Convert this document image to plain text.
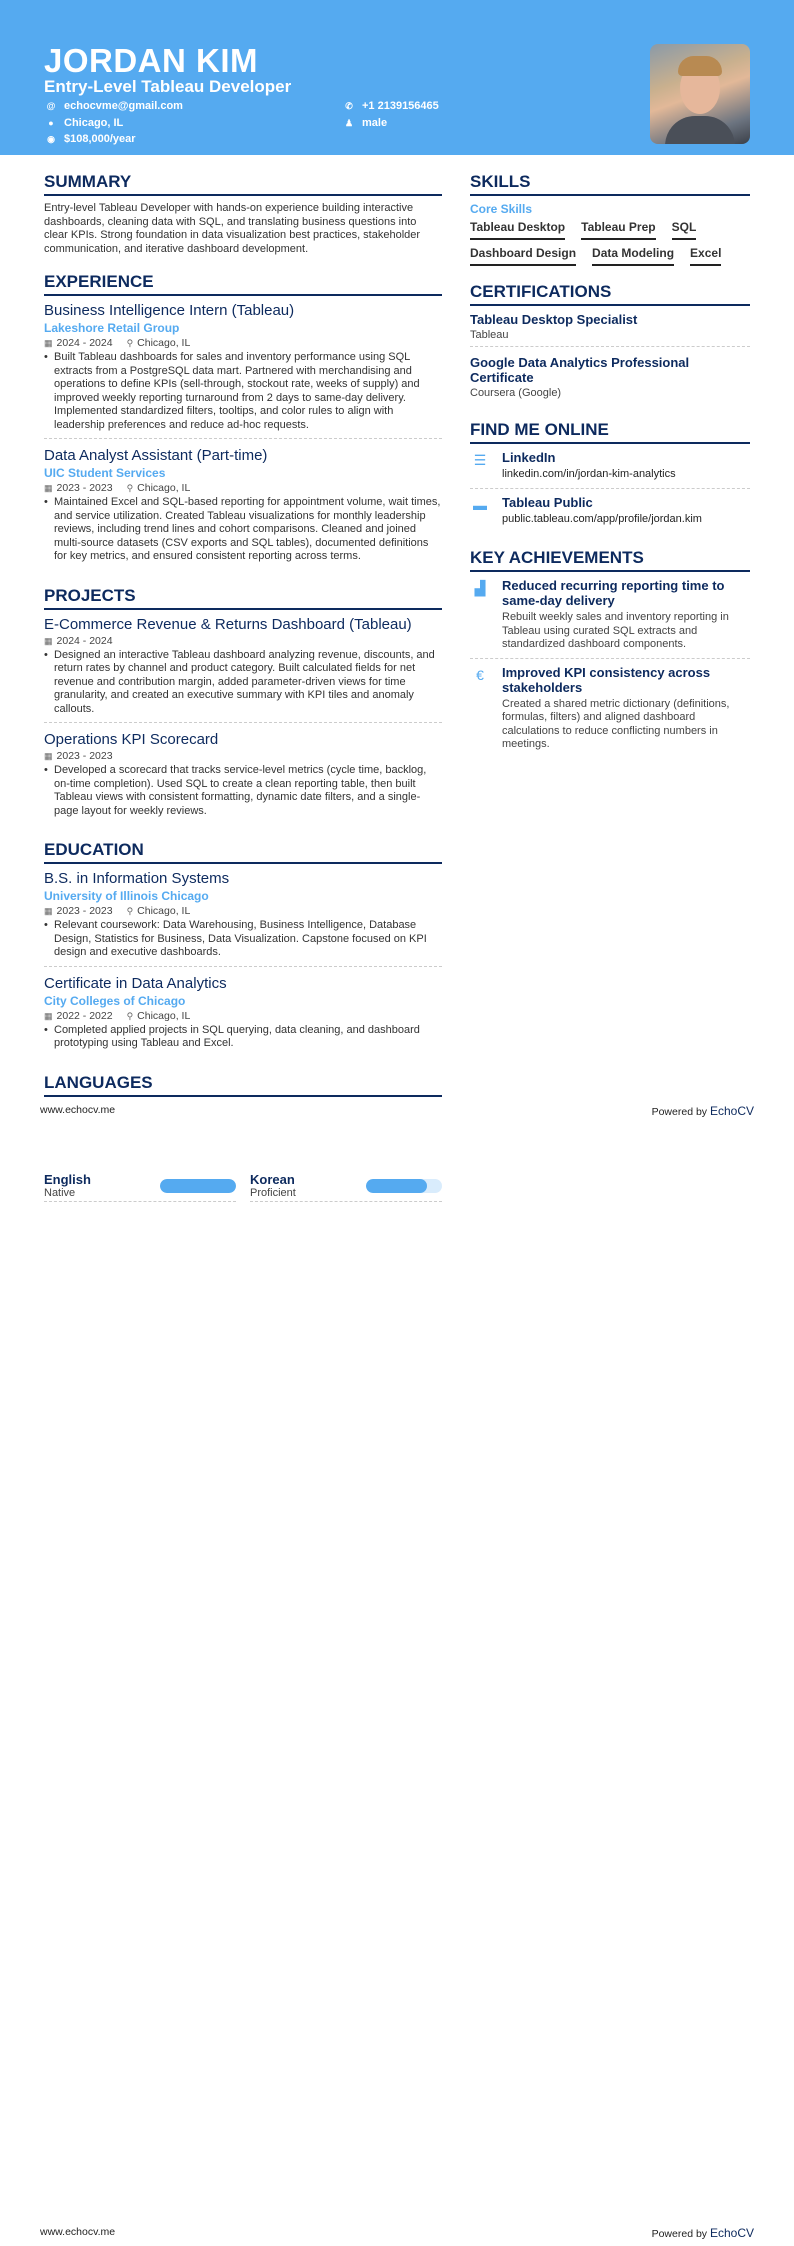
JORDAN KIM
Entry-Level Tableau Developer
@ echocvme@gmail.com
● Chicago, IL
◉ $108,000/year
✆ +1 2139156465
♟ male
SUMMARY

Entry-level Tableau Developer with hands-on experience building interactive dashboards, cleaning data with SQL, and translating business questions into clear KPIs. Strong foundation in data visualization best practices, stakeholder communication, and iterative dashboard development.

EXPERIENCE
Business Intelligence Intern (Tableau)
Lakeshore Retail Group
▦ 2024 - 2024 ⚲ Chicago, IL
• Built Tableau dashboards for sales and inventory performance using SQL extracts from a PostgreSQL data mart. Partnered with merchandising and operations to define KPIs (sell-through, stockout rate, weeks of supply) and improved weekly reporting turnaround from 2 days to same-day delivery. Implemented standardized filters, tooltips, and color rules to align with leadership preferences and reduce ad-hoc requests.
Data Analyst Assistant (Part-time)
UIC Student Services
▦ 2023 - 2023 ⚲ Chicago, IL
• Maintained Excel and SQL-based reporting for appointment volume, wait times, and service utilization. Created Tableau visualizations for monthly leadership reviews, including trend lines and cohort comparisons. Cleaned and joined multi-source datasets (CSV exports and SQL tables), documented definitions for key metrics, and ensured consistent reporting across terms.
PROJECTS
E-Commerce Revenue & Returns Dashboard (Tableau)
▦ 2024 - 2024
• Designed an interactive Tableau dashboard analyzing revenue, discounts, and return rates by channel and product category. Built calculated fields for net revenue and contribution margin, added parameter-driven views for time granularity, and created an executive summary with KPI tiles and anomaly callouts.
Operations KPI Scorecard
▦ 2023 - 2023
• Developed a scorecard that tracks service-level metrics (cycle time, backlog, on-time completion). Used SQL to create a clean reporting table, then built Tableau views with consistent formatting, dynamic date filters, and a single-page layout for weekly reviews.
EDUCATION
B.S. in Information Systems
University of Illinois Chicago
▦ 2023 - 2023 ⚲ Chicago, IL
• Relevant coursework: Data Warehousing, Business Intelligence, Database Design, Statistics for Business, Data Visualization. Capstone focused on KPI design and executive dashboards.
Certificate in Data Analytics
City Colleges of Chicago
▦ 2022 - 2022 ⚲ Chicago, IL
• Completed applied projects in SQL querying, data cleaning, and dashboard prototyping using Tableau and Excel.
LANGUAGES
SKILLS
Core Skills
Tableau Desktop Tableau Prep SQL
Dashboard Design Data Modeling Excel
CERTIFICATIONS
Tableau Desktop Specialist
Tableau
Google Data Analytics Professional Certificate
Coursera (Google)
FIND ME ONLINE
☰ LinkedIn
linkedin.com/in/jordan-kim-analytics
▬ Tableau Public
public.tableau.com/app/profile/jordan.kim
KEY ACHIEVEMENTS
▟	Reduced recurring reporting time to same-day delivery
Rebuilt weekly sales and inventory reporting in Tableau using curated SQL extracts and standardized dashboard components.
€	Improved KPI consistency across stakeholders
Created a shared metric dictionary (definitions, formulas, filters) and aligned dashboard calculations to reduce conflicting numbers in meetings.
www.echocv.me	Powered by EchoCV
English
Native
Korean
Proficient
www.echocv.me	Powered by EchoCV
